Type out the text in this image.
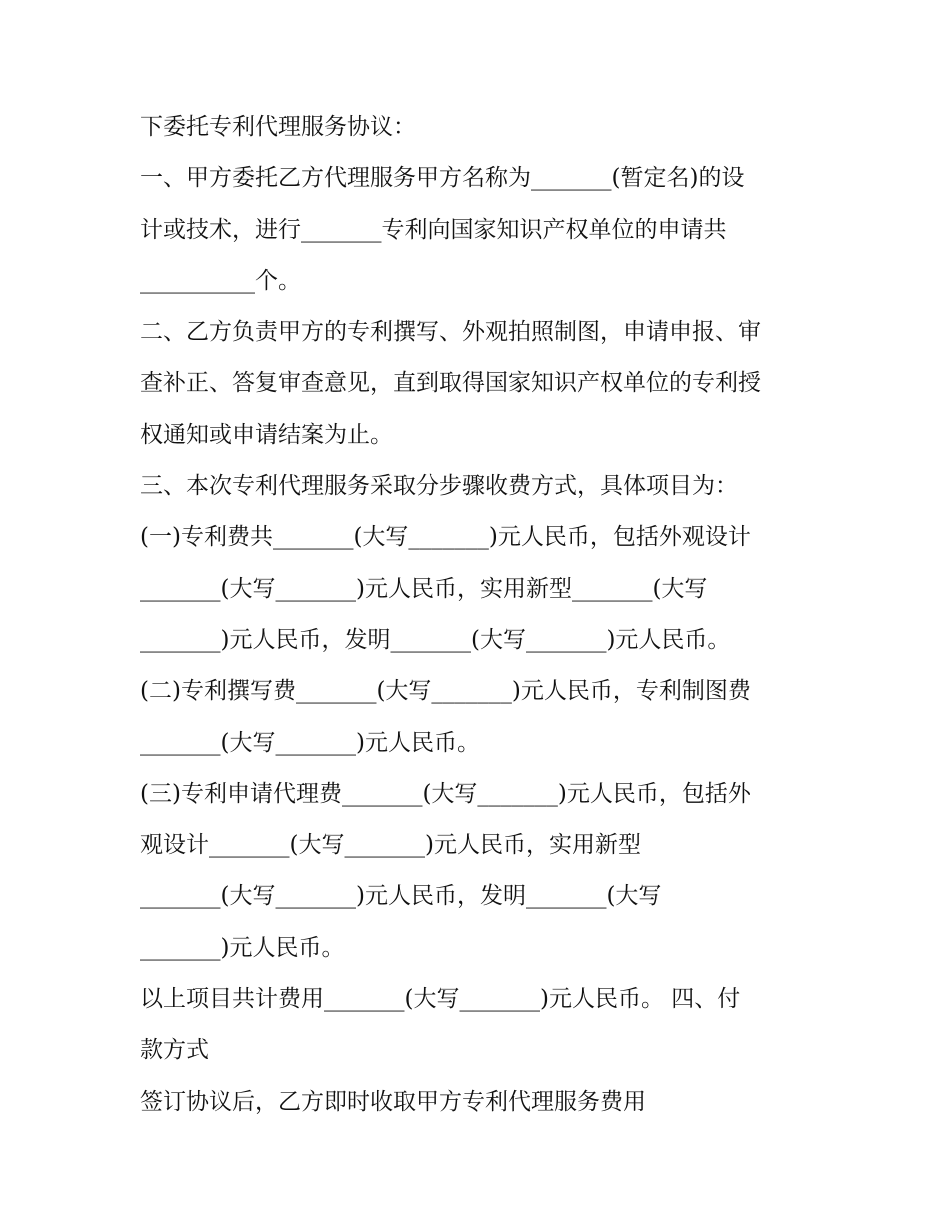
下委托专利代理服务协议：
一、甲方委托乙方代理服务甲方名称为_______(暂定名)的设
计或技术，进行_______专利向国家知识产权单位的申请共
__________个。
二、乙方负责甲方的专利撰写、外观拍照制图，申请申报、审
查补正、答复审查意见，直到取得国家知识产权单位的专利授
权通知或申请结案为止。
三、本次专利代理服务采取分步骤收费方式，具体项目为：
(一)专利费共_______(大写_______)元人民币，包括外观设计
_______(大写_______)元人民币，实用新型_______(大写
_______)元人民币，发明_______(大写_______)元人民币。
(二)专利撰写费_______(大写_______)元人民币，专利制图费
_______(大写_______)元人民币。
(三)专利申请代理费_______(大写_______)元人民币，包括外
观设计_______(大写_______)元人民币，实用新型
_______(大写_______)元人民币，发明_______(大写
_______)元人民币。
以上项目共计费用_______(大写_______)元人民币。 四、付
款方式
签订协议后，乙方即时收取甲方专利代理服务费用
